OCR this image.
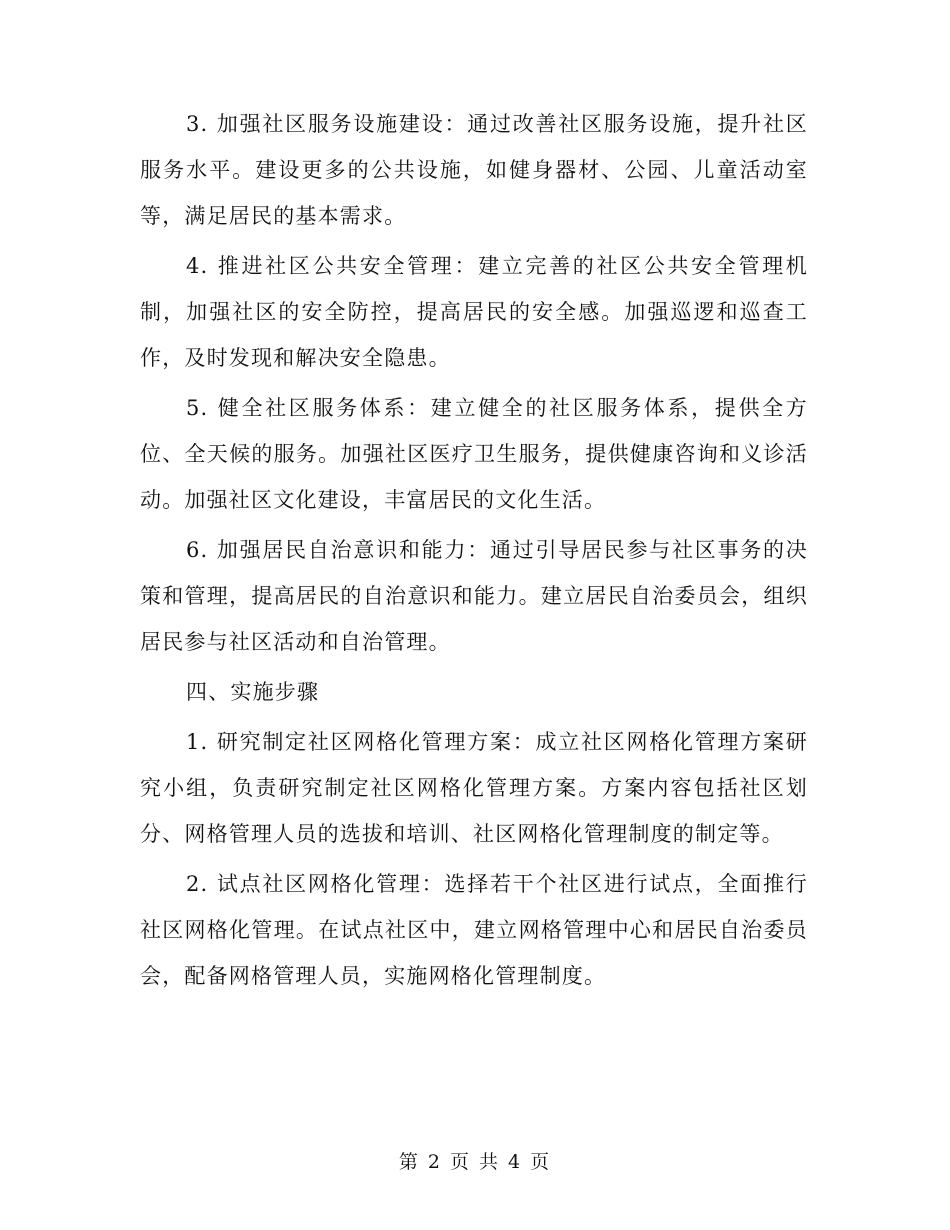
3. 加强社区服务设施建设：通过改善社区服务设施，提升社区服务水平。建设更多的公共设施，如健身器材、公园、儿童活动室等，满足居民的基本需求。

4. 推进社区公共安全管理：建立完善的社区公共安全管理机制，加强社区的安全防控，提高居民的安全感。加强巡逻和巡查工作，及时发现和解决安全隐患。

5. 健全社区服务体系：建立健全的社区服务体系，提供全方位、全天候的服务。加强社区医疗卫生服务，提供健康咨询和义诊活动。加强社区文化建设，丰富居民的文化生活。

6. 加强居民自治意识和能力：通过引导居民参与社区事务的决策和管理，提高居民的自治意识和能力。建立居民自治委员会，组织居民参与社区活动和自治管理。

四、实施步骤

1. 研究制定社区网格化管理方案：成立社区网格化管理方案研究小组，负责研究制定社区网格化管理方案。方案内容包括社区划分、网格管理人员的选拔和培训、社区网格化管理制度的制定等。

2. 试点社区网格化管理：选择若干个社区进行试点，全面推行社区网格化管理。在试点社区中，建立网格管理中心和居民自治委员会，配备网格管理人员，实施网格化管理制度。

第 2 页 共 4 页
